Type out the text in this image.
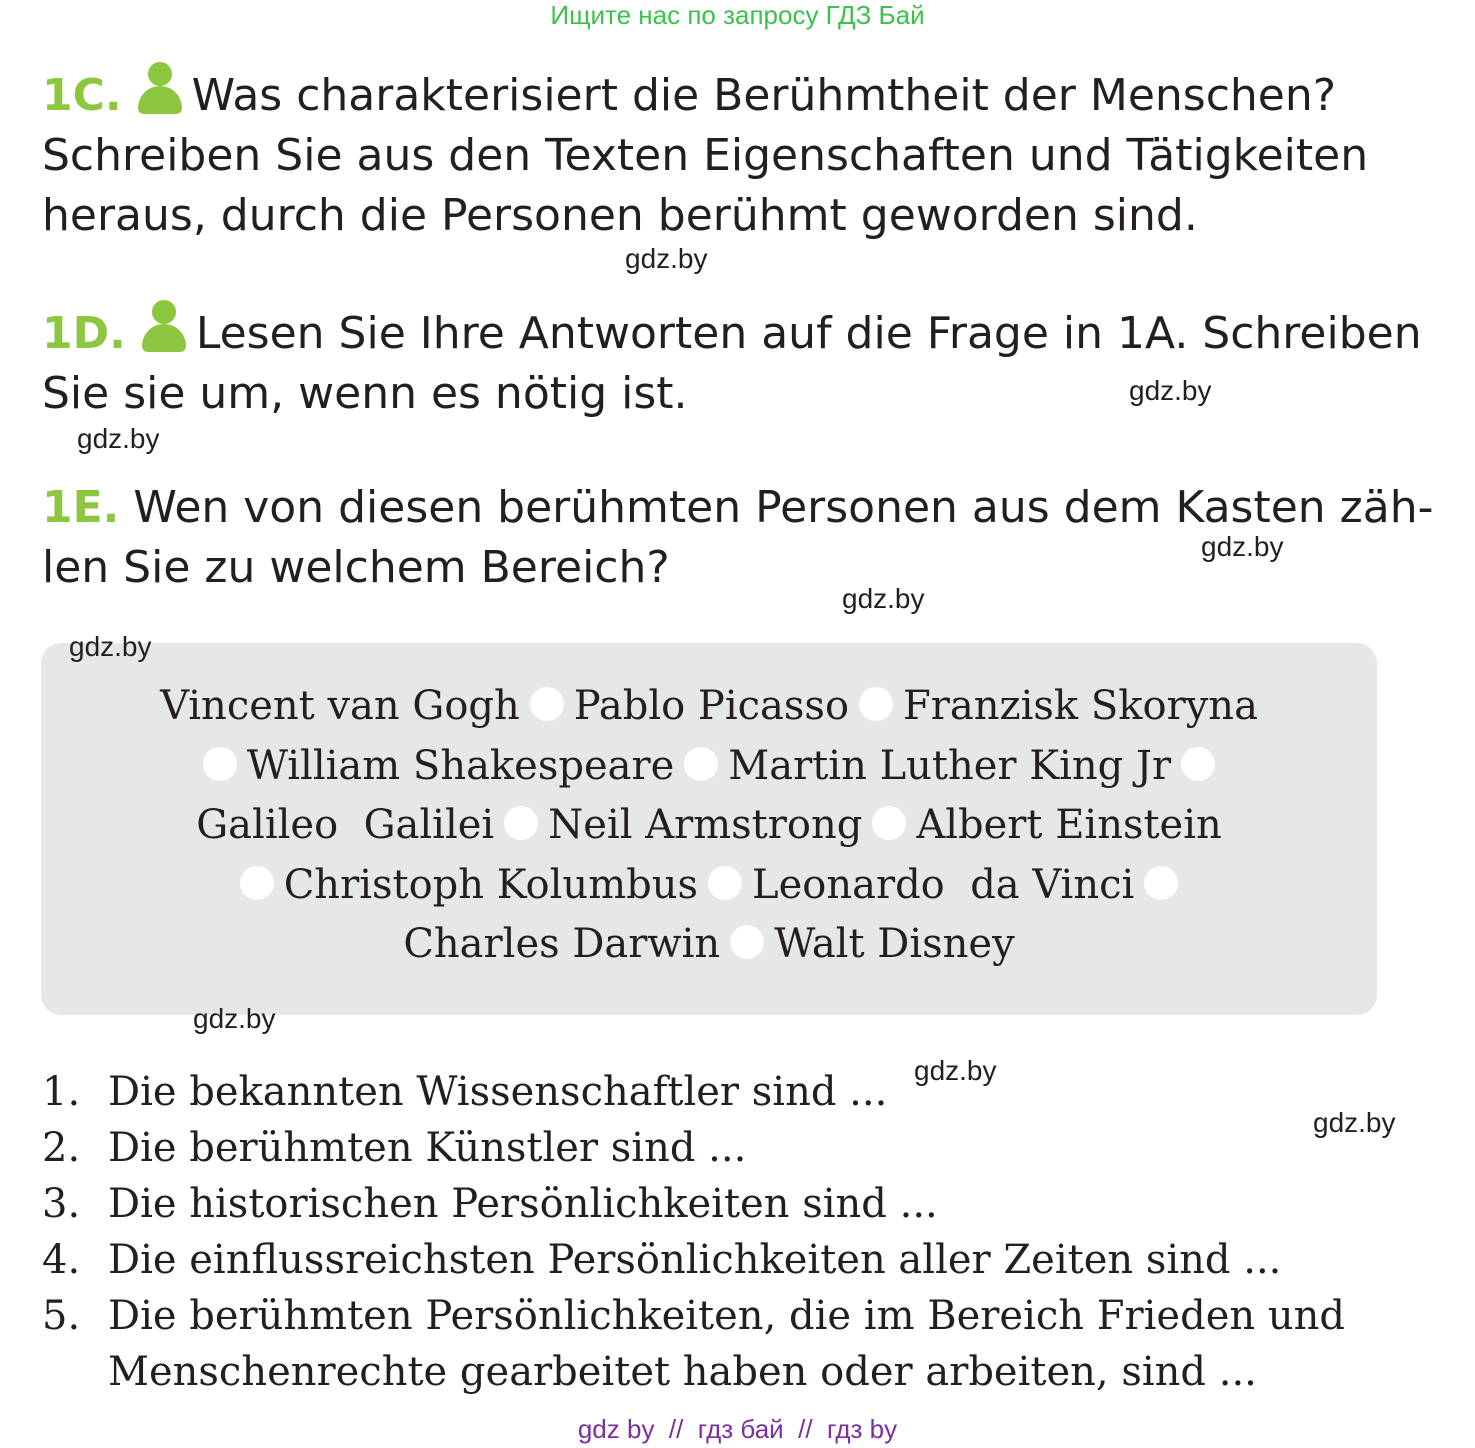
Ищите нас по запросу ГДЗ Бай
1C. Was charakterisiert die Berühmtheit der Menschen?
Schreiben Sie aus den Texten Eigenschaften und Tätigkeiten
heraus, durch die Personen berühmt geworden sind.
1D. Lesen Sie Ihre Antworten auf die Frage in 1A. Schreiben
Sie sie um, wenn es nötig ist.
1E. Wen von diesen berühmten Personen aus dem Kasten zäh-
len Sie zu welchem Bereich?
Vincent van Gogh Pablo Picasso Franzisk Skoryna
William Shakespeare Martin Luther King Jr
Galileo  Galilei Neil Armstrong Albert Einstein
Christoph Kolumbus Leonardo  da Vinci
Charles Darwin Walt Disney
1. Die bekannten Wissenschaftler sind ...
2. Die berühmten Künstler sind ...
3. Die historischen Persönlichkeiten sind ...
4. Die einflussreichsten Persönlichkeiten aller Zeiten sind ...
5. Die berühmten Persönlichkeiten, die im Bereich Frieden und
Menschenrechte gearbeitet haben oder arbeiten, sind ...
gdz.by
gdz.by
gdz.by
gdz.by
gdz.by
gdz.by
gdz.by
gdz.by
gdz.by
gdz by  //  гдз бай  //  гдз by
